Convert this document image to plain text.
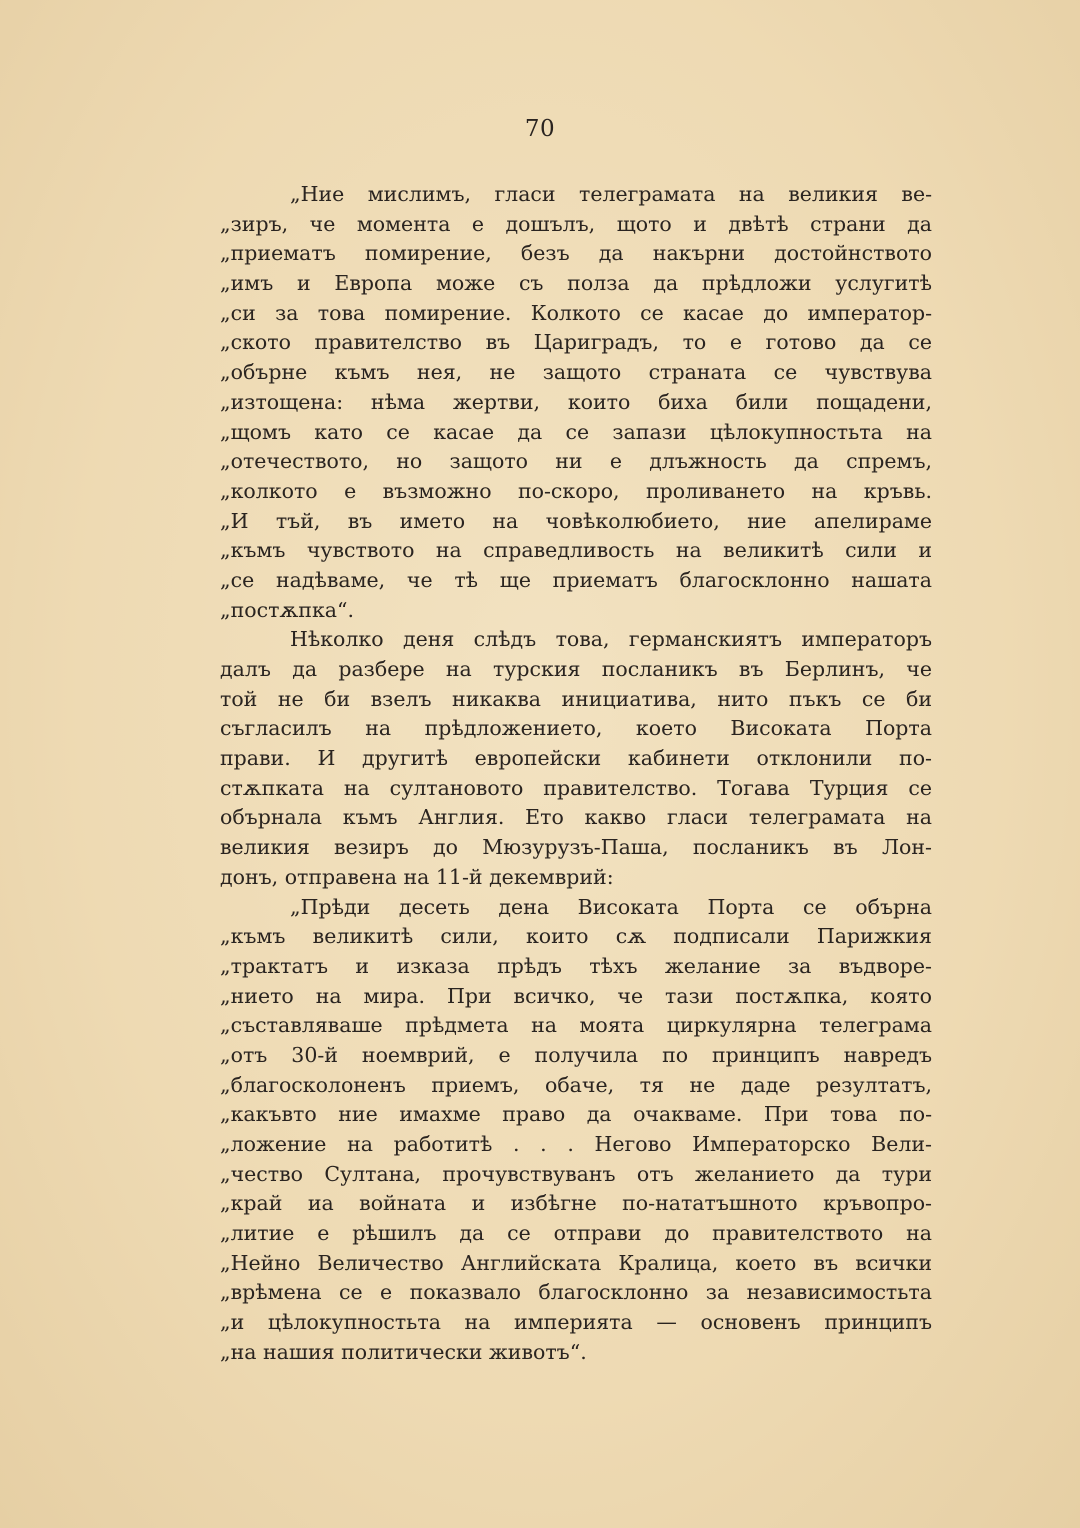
70
„Ние мислимъ, гласи телеграмата на великия ве-
„зиръ, че момента е дошълъ, щото и двѣтѣ страни да
„приематъ помирение, безъ да накърни достойнството
„имъ и Европа може съ полза да прѣдложи услугитѣ
„си за това помирение. Колкото се касае до император-
„ското правителство въ Цариградъ, то е готово да се
„обърне къмъ нея, не защото страната се чувствува
„изтощена: нѣма жертви, които биха били пощадени,
„щомъ като се касае да се запази цѣлокупностьта на
„отечеството, но защото ни е длъжность да спремъ,
„колкото е възможно по-скоро, проливането на кръвь.
„И тъй, въ името на човѣколюбието, ние апелираме
„къмъ чувството на справедливость на великитѣ сили и
„се надѣваме, че тѣ ще приематъ благосклонно нашата
„постѫпка“.
Нѣколко деня слѣдъ това, германскиятъ императоръ
далъ да разбере на турския посланикъ въ Берлинъ, че
той не би взелъ никаква инициатива, нито пъкъ се би
съгласилъ на прѣдложението, което Високата Порта
прави. И другитѣ европейски кабинети отклонили по-
стѫпката на султановото правителство. Тогава Турция се
обърнала къмъ Англия. Ето какво гласи телеграмата на
великия везиръ до Мюзурузъ-Паша, посланикъ въ Лон-
донъ, отправена на 11-й декемврий:
„Прѣди десеть дена Високата Порта се обърна
„къмъ великитѣ сили, които сѫ подписали Парижкия
„трактатъ и изказа прѣдъ тѣхъ желание за въдворе-
„нието на мира. При всичко, че тази постѫпка, която
„съставляваше прѣдмета на моята циркулярна телеграма
„отъ 30-й ноемврий, е получила по принципъ навредъ
„благосколоненъ приемъ, обаче, тя не даде резултатъ,
„какъвто ние имахме право да очакваме. При това по-
„ложение на работитѣ . . . Негово Императорско Вели-
„чество Султана, прочувствуванъ отъ желанието да тури
„край иа войната и избѣгне по-нататъшното кръвопро-
„литие е рѣшилъ да се отправи до правителството на
„Нейно Величество Английската Кралица, което въ всички
„врѣмена се е показвало благосклонно за независимостьта
„и цѣлокупностьта на империята — основенъ принципъ
„на нашия политически животъ“.
